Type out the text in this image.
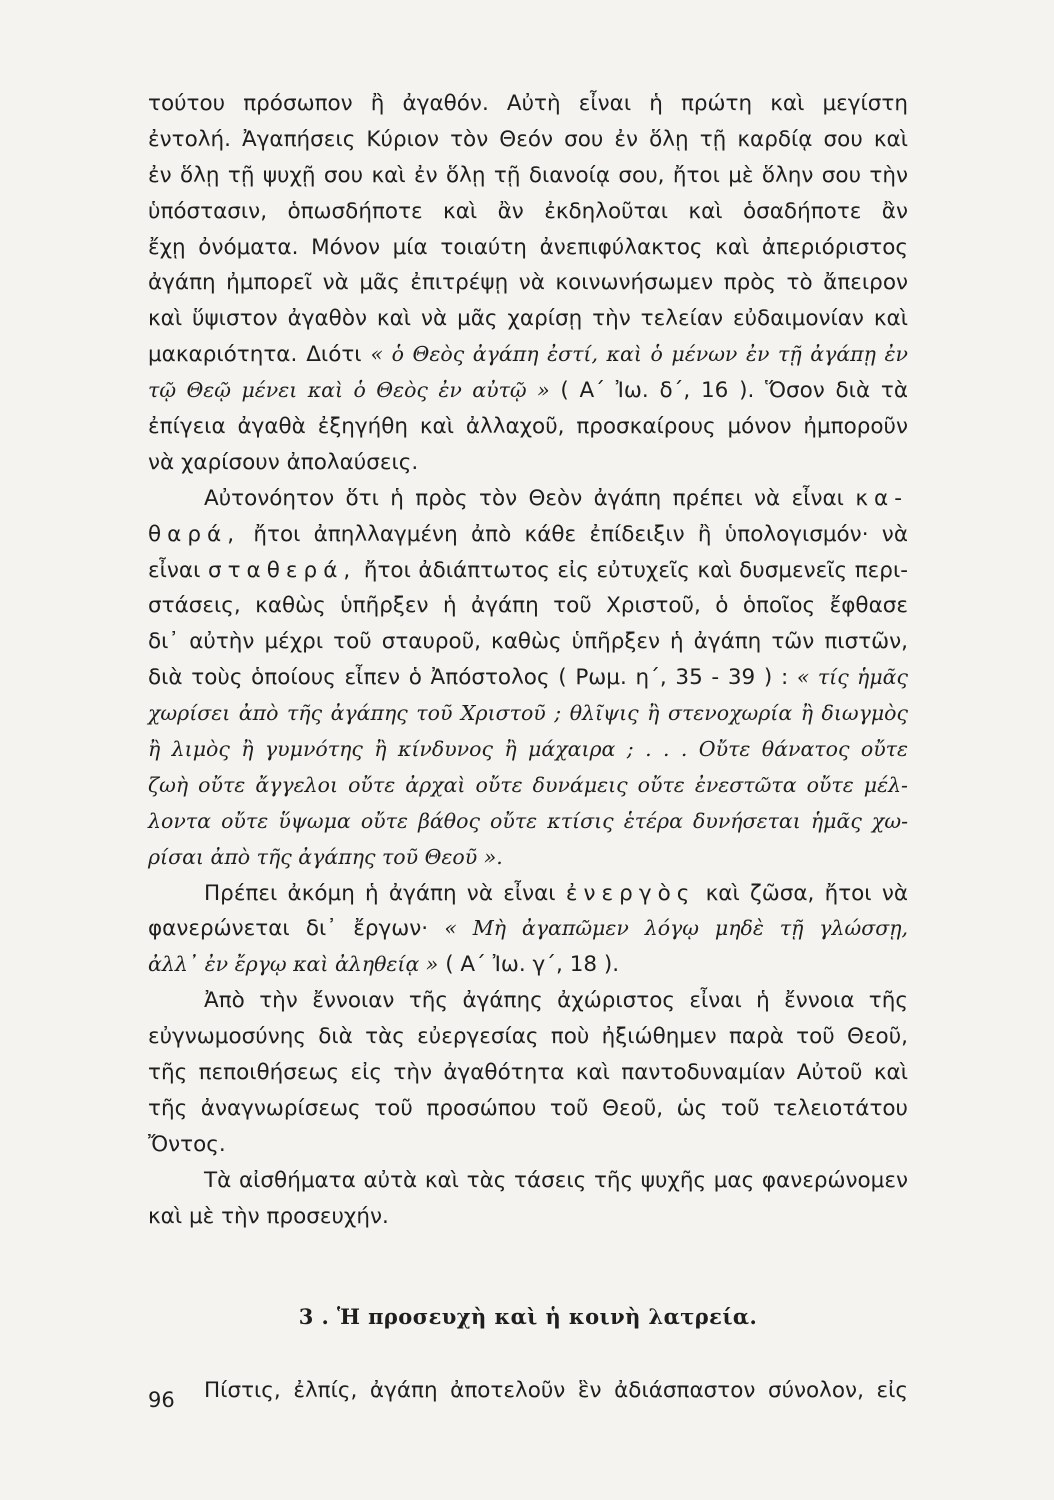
τούτου πρόσωπον ἢ ἀγαθόν. Αὐτὴ εἶναι ἡ πρώτη καὶ μεγίστη
ἐντολή. Ἀγαπήσεις Κύριον τὸν Θεόν σου ἐν ὅλῃ τῇ καρδίᾳ σου καὶ
ἐν ὅλῃ τῇ ψυχῇ σου καὶ ἐν ὅλῃ τῇ διανοίᾳ σου, ἤτοι μὲ ὅλην σου τὴν
ὑπόστασιν, ὁπωσδήποτε καὶ ἂν ἐκδηλοῦται καὶ ὁσαδήποτε ἂν
ἔχῃ ὀνόματα. Μόνον μία τοιαύτη ἀνεπιφύλακτος καὶ ἀπεριόριστος
ἀγάπη ἠμπορεῖ νὰ μᾶς ἐπιτρέψῃ νὰ κοινωνήσωμεν πρὸς τὸ ἄπειρον
καὶ ὕψιστον ἀγαθὸν καὶ νὰ μᾶς χαρίσῃ τὴν τελείαν εὐδαιμονίαν καὶ
μακαριότητα. Διότι « ὁ Θεὸς ἀγάπη ἐστί, καὶ ὁ μένων ἐν τῇ ἀγάπῃ ἐν
τῷ Θεῷ μένει καὶ ὁ Θεὸς ἐν αὐτῷ » ( Α΄ Ἰω. δ΄, 16 ). Ὅσον διὰ τὰ
ἐπίγεια ἀγαθὰ ἐξηγήθη καὶ ἀλλαχοῦ, προσκαίρους μόνον ἠμποροῦν
νὰ χαρίσουν ἀπολαύσεις.
Αὐτονόητον ὅτι ἡ πρὸς τὸν Θεὸν ἀγάπη πρέπει νὰ εἶναι κα-
θαρά, ἤτοι ἀπηλλαγμένη ἀπὸ κάθε ἐπίδειξιν ἢ ὑπολογισμόν· νὰ
εἶναι σταθερά, ἤτοι ἀδιάπτωτος εἰς εὐτυχεῖς καὶ δυσμενεῖς περι-
στάσεις, καθὼς ὑπῆρξεν ἡ ἀγάπη τοῦ Χριστοῦ, ὁ ὁποῖος ἔφθασε
δι᾽ αὐτὴν μέχρι τοῦ σταυροῦ, καθὼς ὑπῆρξεν ἡ ἀγάπη τῶν πιστῶν,
διὰ τοὺς ὁποίους εἶπεν ὁ Ἀπόστολος ( Ρωμ. η΄, 35 - 39 ) : « τίς ἡμᾶς
χωρίσει ἀπὸ τῆς ἀγάπης τοῦ Χριστοῦ ; θλῖψις ἢ στενοχωρία ἢ διωγμὸς
ἢ λιμὸς ἢ γυμνότης ἢ κίνδυνος ἢ μάχαιρα ; . . . Οὔτε θάνατος οὔτε
ζωὴ οὔτε ἄγγελοι οὔτε ἀρχαὶ οὔτε δυνάμεις οὔτε ἐνεστῶτα οὔτε μέλ-
λοντα οὔτε ὕψωμα οὔτε βάθος οὔτε κτίσις ἑτέρα δυνήσεται ἡμᾶς χω-
ρίσαι ἀπὸ τῆς ἀγάπης τοῦ Θεοῦ ».
Πρέπει ἀκόμη ἡ ἀγάπη νὰ εἶναι ἐνεργὸς καὶ ζῶσα, ἤτοι νὰ
φανερώνεται δι᾽ ἔργων· « Μὴ ἀγαπῶμεν λόγῳ μηδὲ τῇ γλώσσῃ,
ἀλλ᾽ ἐν ἔργῳ καὶ ἀληθείᾳ » ( Α΄ Ἰω. γ΄, 18 ).
Ἀπὸ τὴν ἔννοιαν τῆς ἀγάπης ἀχώριστος εἶναι ἡ ἔννοια τῆς
εὐγνωμοσύνης διὰ τὰς εὐεργεσίας ποὺ ἠξιώθημεν παρὰ τοῦ Θεοῦ,
τῆς πεποιθήσεως εἰς τὴν ἀγαθότητα καὶ παντοδυναμίαν Αὐτοῦ καὶ
τῆς ἀναγνωρίσεως τοῦ προσώπου τοῦ Θεοῦ, ὡς τοῦ τελειοτάτου
Ὄντος.
Τὰ αἰσθήματα αὐτὰ καὶ τὰς τάσεις τῆς ψυχῆς μας φανερώνομεν
καὶ μὲ τὴν προσευχήν.
3 . Ἡ προσευχὴ καὶ ἡ κοινὴ λατρεία.
Πίστις, ἐλπίς, ἀγάπη ἀποτελοῦν ἓν ἀδιάσπαστον σύνολον, εἰς
96
